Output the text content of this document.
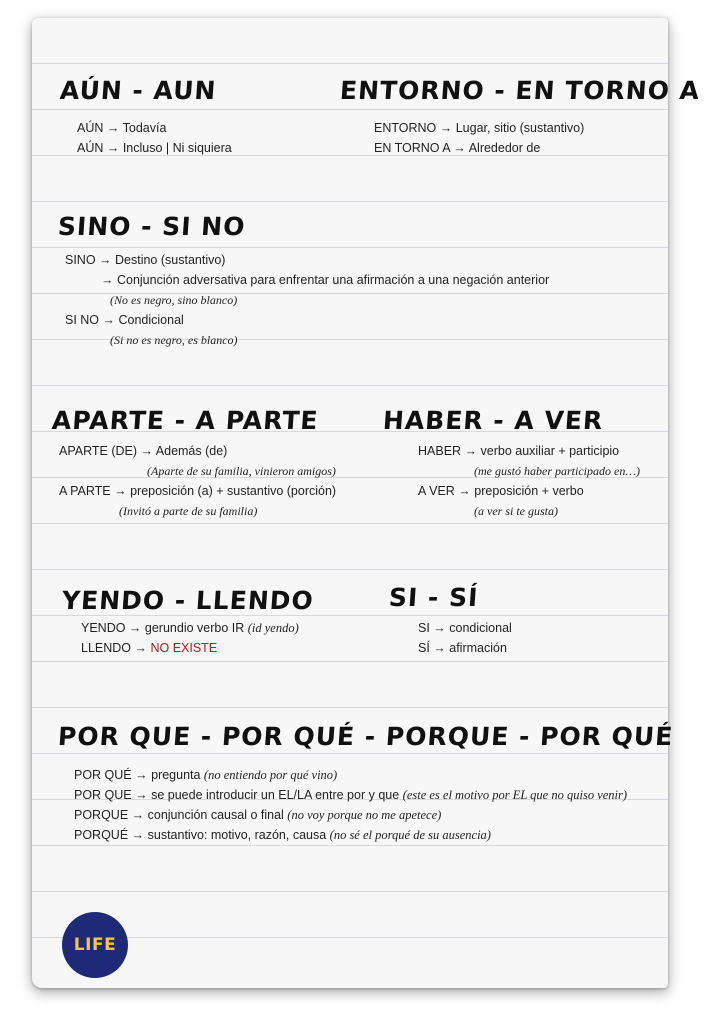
AÚN - AUN	ENTORNO - EN TORNO A
AÚN → Todavía
AÚN → Incluso | Ni siquiera
ENTORNO → Lugar, sitio (sustantivo)
EN TORNO A → Alrededor de
SINO - SI NO
SINO → Destino (sustantivo)
→ Conjunción adversativa para enfrentar una afirmación a una negación anterior
(No es negro, sino blanco)
SI NO → Condicional
(Si no es negro, es blanco)
APARTE - A PARTE	HABER - A VER
APARTE (DE) → Además (de)
(Aparte de su familia, vinieron amigos)
A PARTE → preposición (a) + sustantivo (porción)
(Invitó a parte de su familia)
HABER → verbo auxiliar + participio
(me gustó haber participado en…)
A VER → preposición + verbo
(a ver si te gusta)
YENDO - LLENDO	SI - SÍ
YENDO → gerundio verbo IR (id yendo)
LLENDO → NO EXISTE
SI → condicional
SÍ → afirmación
POR QUE - POR QUÉ - PORQUE - POR QUÉ
POR QUÉ → pregunta (no entiendo por qué vino)
POR QUE → se puede introducir un EL/LA entre por y que (este es el motivo por EL que no quiso venir)
PORQUE → conjunción causal o final (no voy porque no me apetece)
PORQUÉ → sustantivo: motivo, razón, causa (no sé el porqué de su ausencia)
LIFE
